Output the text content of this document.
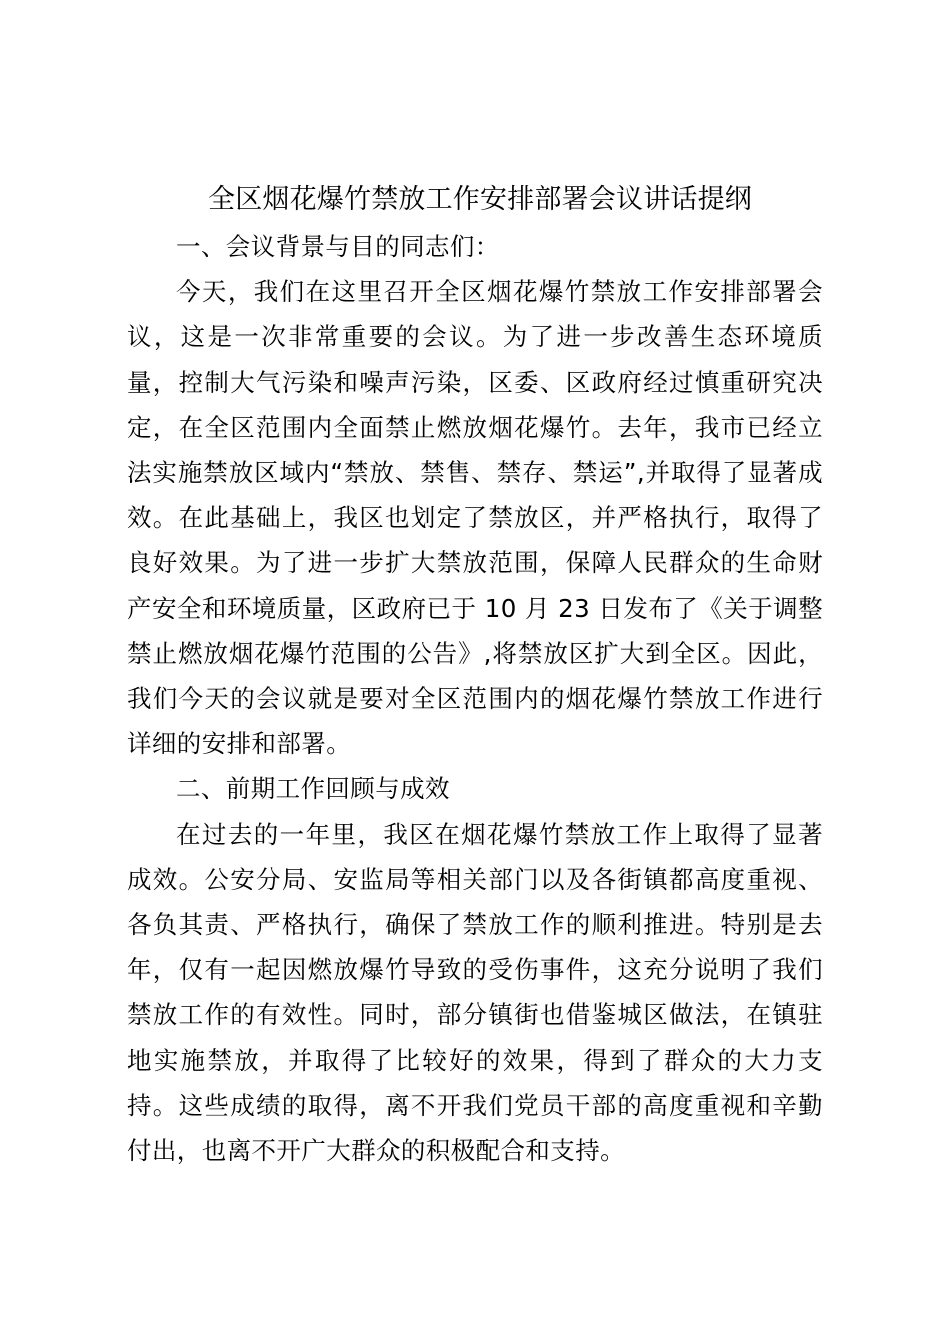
全区烟花爆竹禁放工作安排部署会议讲话提纲

一、会议背景与目的同志们：

今天，我们在这里召开全区烟花爆竹禁放工作安排部署会议，这是一次非常重要的会议。为了进一步改善生态环境质量，控制大气污染和噪声污染，区委、区政府经过慎重研究决定，在全区范围内全面禁止燃放烟花爆竹。去年，我市已经立法实施禁放区域内“禁放、禁售、禁存、禁运”,并取得了显著成效。在此基础上，我区也划定了禁放区，并严格执行，取得了良好效果。为了进一步扩大禁放范围，保障人民群众的生命财产安全和环境质量，区政府已于 10 月 23 日发布了《关于调整禁止燃放烟花爆竹范围的公告》,将禁放区扩大到全区。因此，我们今天的会议就是要对全区范围内的烟花爆竹禁放工作进行详细的安排和部署。

二、前期工作回顾与成效

在过去的一年里，我区在烟花爆竹禁放工作上取得了显著成效。公安分局、安监局等相关部门以及各街镇都高度重视、各负其责、严格执行，确保了禁放工作的顺利推进。特别是去年，仅有一起因燃放爆竹导致的受伤事件，这充分说明了我们禁放工作的有效性。同时，部分镇街也借鉴城区做法，在镇驻地实施禁放，并取得了比较好的效果，得到了群众的大力支持。这些成绩的取得，离不开我们党员干部的高度重视和辛勤付出，也离不开广大群众的积极配合和支持。
